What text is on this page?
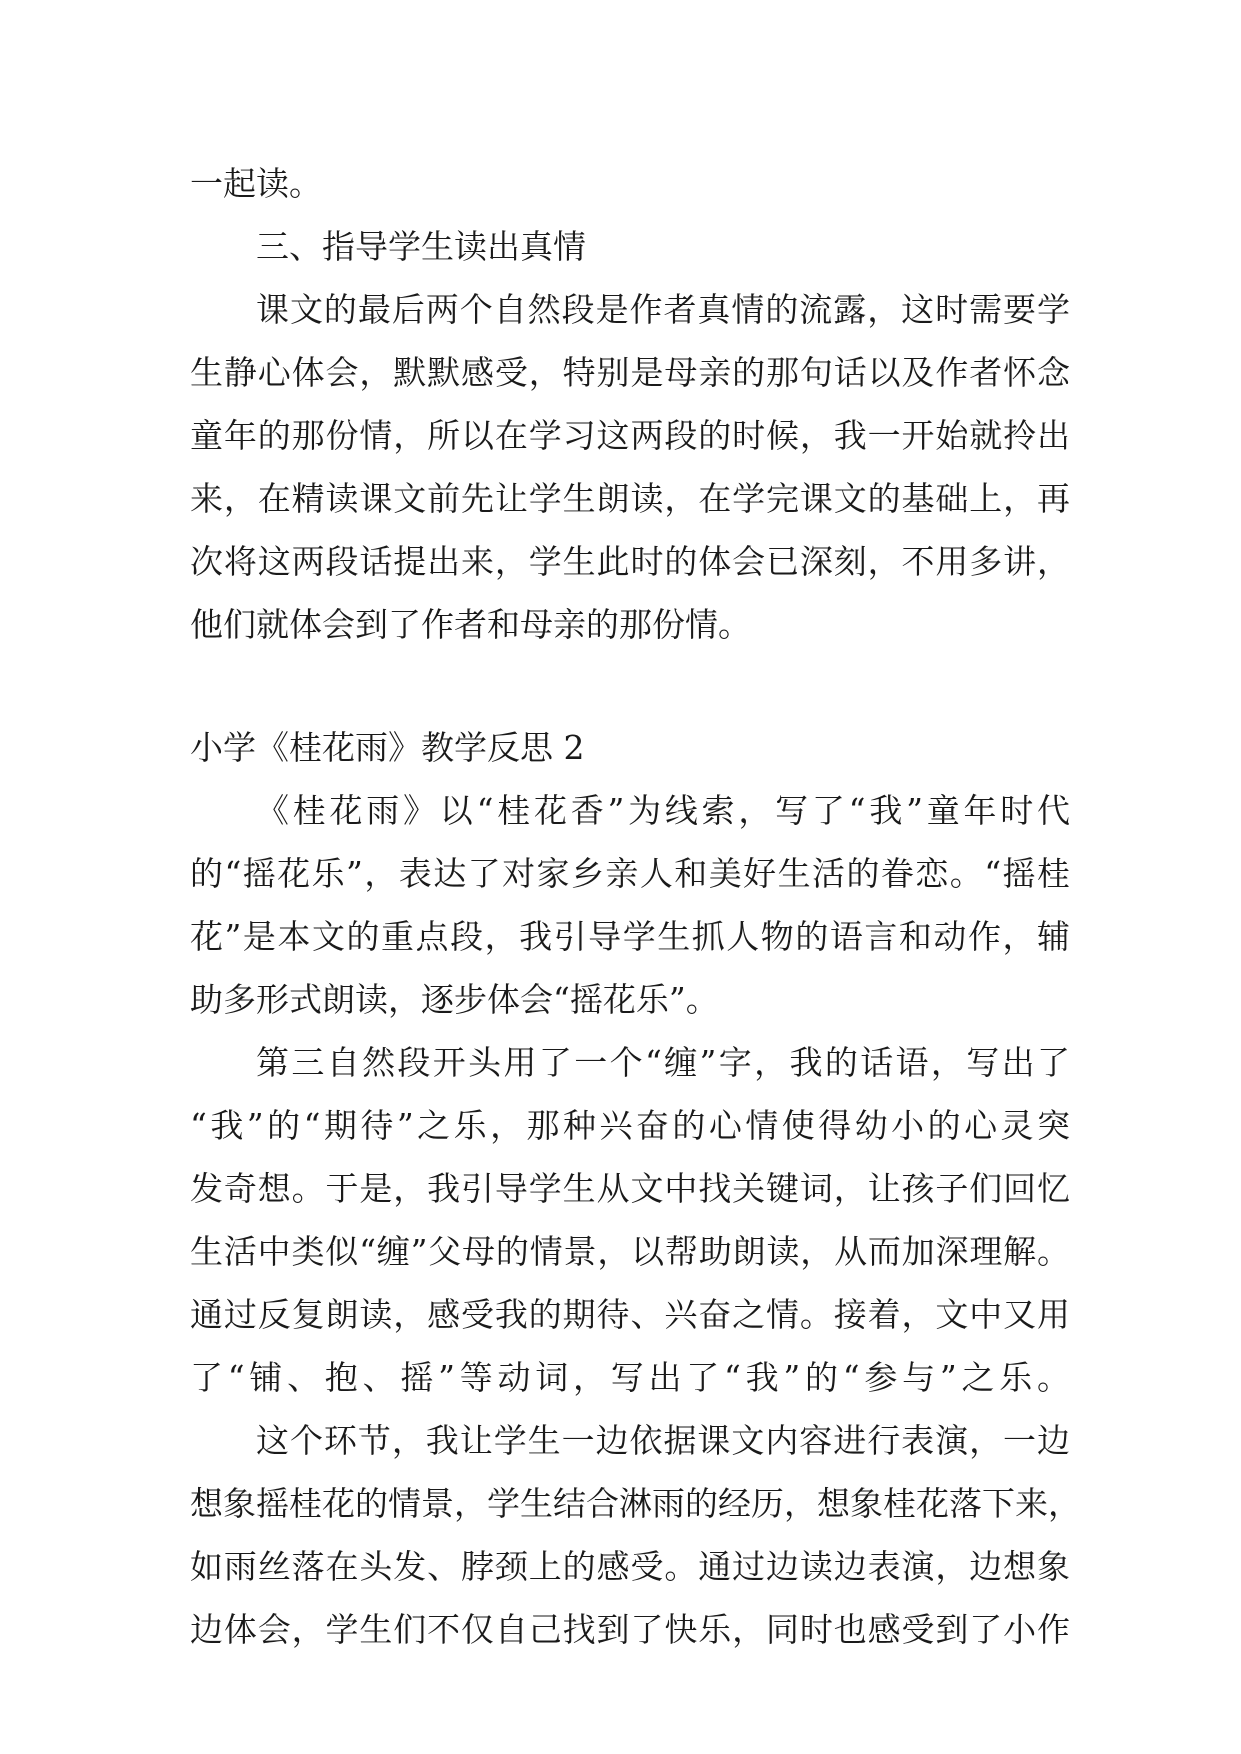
一起读。
三、指导学生读出真情
课文的最后两个自然段是作者真情的流露，这时需要学
生静心体会，默默感受，特别是母亲的那句话以及作者怀念
童年的那份情，所以在学习这两段的时候，我一开始就拎出
来，在精读课文前先让学生朗读，在学完课文的基础上，再
次将这两段话提出来，学生此时的体会已深刻，不用多讲，
他们就体会到了作者和母亲的那份情。
小学《桂花雨》教学反思 2
《桂花雨》以“桂花香”为线索，写了“我”童年时代
的“摇花乐”，表达了对家乡亲人和美好生活的眷恋。“摇桂
花”是本文的重点段，我引导学生抓人物的语言和动作，辅
助多形式朗读，逐步体会“摇花乐”。
第三自然段开头用了一个“缠”字，我的话语，写出了
“我”的“期待”之乐，那种兴奋的心情使得幼小的心灵突
发奇想。于是，我引导学生从文中找关键词，让孩子们回忆
生活中类似“缠”父母的情景，以帮助朗读，从而加深理解。
通过反复朗读，感受我的期待、兴奋之情。接着，文中又用
了“铺、抱、摇”等动词，写出了“我”的“参与”之乐。
这个环节，我让学生一边依据课文内容进行表演，一边
想象摇桂花的情景，学生结合淋雨的经历，想象桂花落下来，
如雨丝落在头发、脖颈上的感受。通过边读边表演，边想象
边体会，学生们不仅自己找到了快乐，同时也感受到了小作
